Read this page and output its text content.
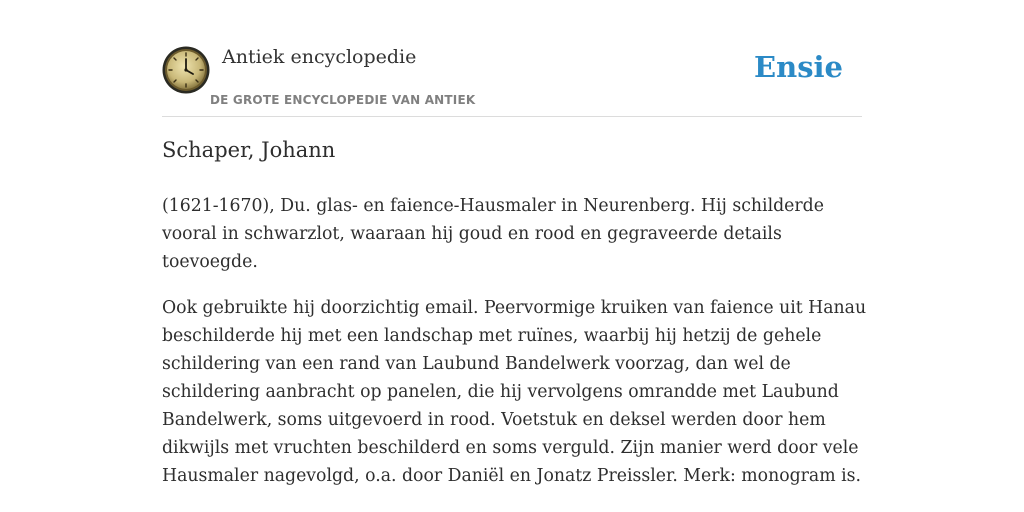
Antiek encyclopedie
DE GROTE ENCYCLOPEDIE VAN ANTIEK
Ensie
Schaper, Johann

(1621-1670), Du. glas- en faience-Hausmaler in Neurenberg. Hij schilderde vooral in schwarzlot, waaraan hij goud en rood en gegraveerde details toevoegde.

Ook gebruikte hij doorzichtig email. Peervormige kruiken van faience uit Hanau beschilderde hij met een landschap met ruïnes, waarbij hij hetzij de gehele schildering van een rand van Laubund Bandelwerk voorzag, dan wel de schildering aanbracht op panelen, die hij vervolgens omrandde met Laubund Bandelwerk, soms uitgevoerd in rood. Voetstuk en deksel werden door hem dikwijls met vruchten beschilderd en soms verguld. Zijn manier werd door vele Hausmaler nagevolgd, o.a. door Daniël en Jonatz Preissler. Merk: monogram is.
